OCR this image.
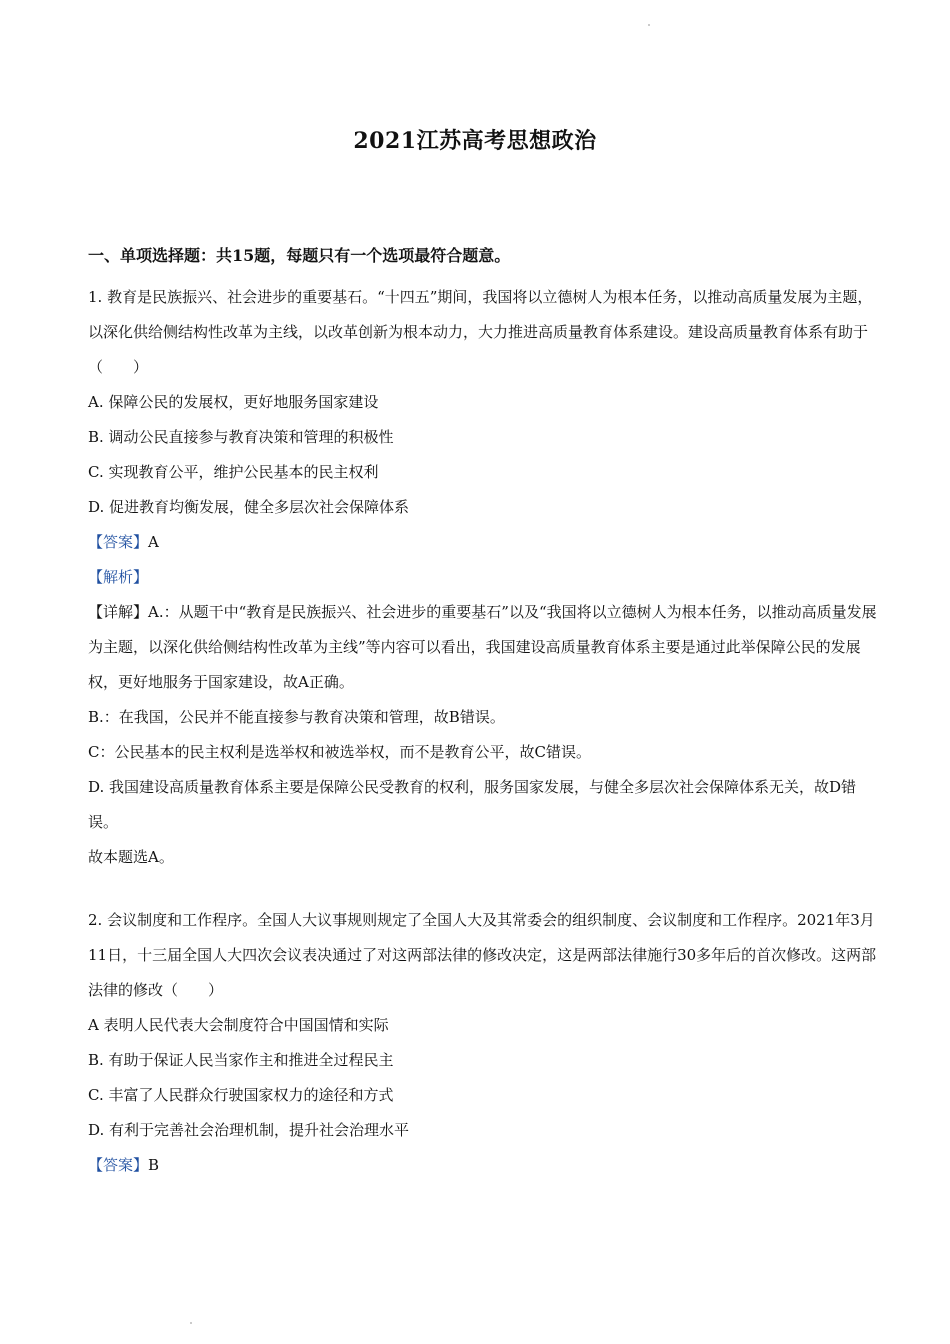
2021江苏高考思想政治
一、单项选择题：共15题，每题只有一个选项最符合题意。
1. 教育是民族振兴、社会进步的重要基石。“十四五”期间，我国将以立德树人为根本任务，以推动高质量发展为主题，以深化供给侧结构性改革为主线，以改革创新为根本动力，大力推进高质量教育体系建设。建设高质量教育体系有助于（　　）
A. 保障公民的发展权，更好地服务国家建设
B. 调动公民直接参与教育决策和管理的积极性
C. 实现教育公平，维护公民基本的民主权利
D. 促进教育均衡发展，健全多层次社会保障体系
【答案】A
【解析】
【详解】A.：从题干中“教育是民族振兴、社会进步的重要基石”以及“我国将以立德树人为根本任务，以推动高质量发展为主题，以深化供给侧结构性改革为主线”等内容可以看出，我国建设高质量教育体系主要是通过此举保障公民的发展权，更好地服务于国家建设，故A正确。
B.：在我国，公民并不能直接参与教育决策和管理，故B错误。
C：公民基本的民主权利是选举权和被选举权，而不是教育公平，故C错误。
D. 我国建设高质量教育体系主要是保障公民受教育的权利，服务国家发展，与健全多层次社会保障体系无关，故D错误。
故本题选A。
2. 会议制度和工作程序。全国人大议事规则规定了全国人大及其常委会的组织制度、会议制度和工作程序。2021年3月11日，十三届全国人大四次会议表决通过了对这两部法律的修改决定，这是两部法律施行30多年后的首次修改。这两部法律的修改（　　）
A 表明人民代表大会制度符合中国国情和实际
B. 有助于保证人民当家作主和推进全过程民主
C. 丰富了人民群众行驶国家权力的途径和方式
D. 有利于完善社会治理机制，提升社会治理水平
【答案】B
